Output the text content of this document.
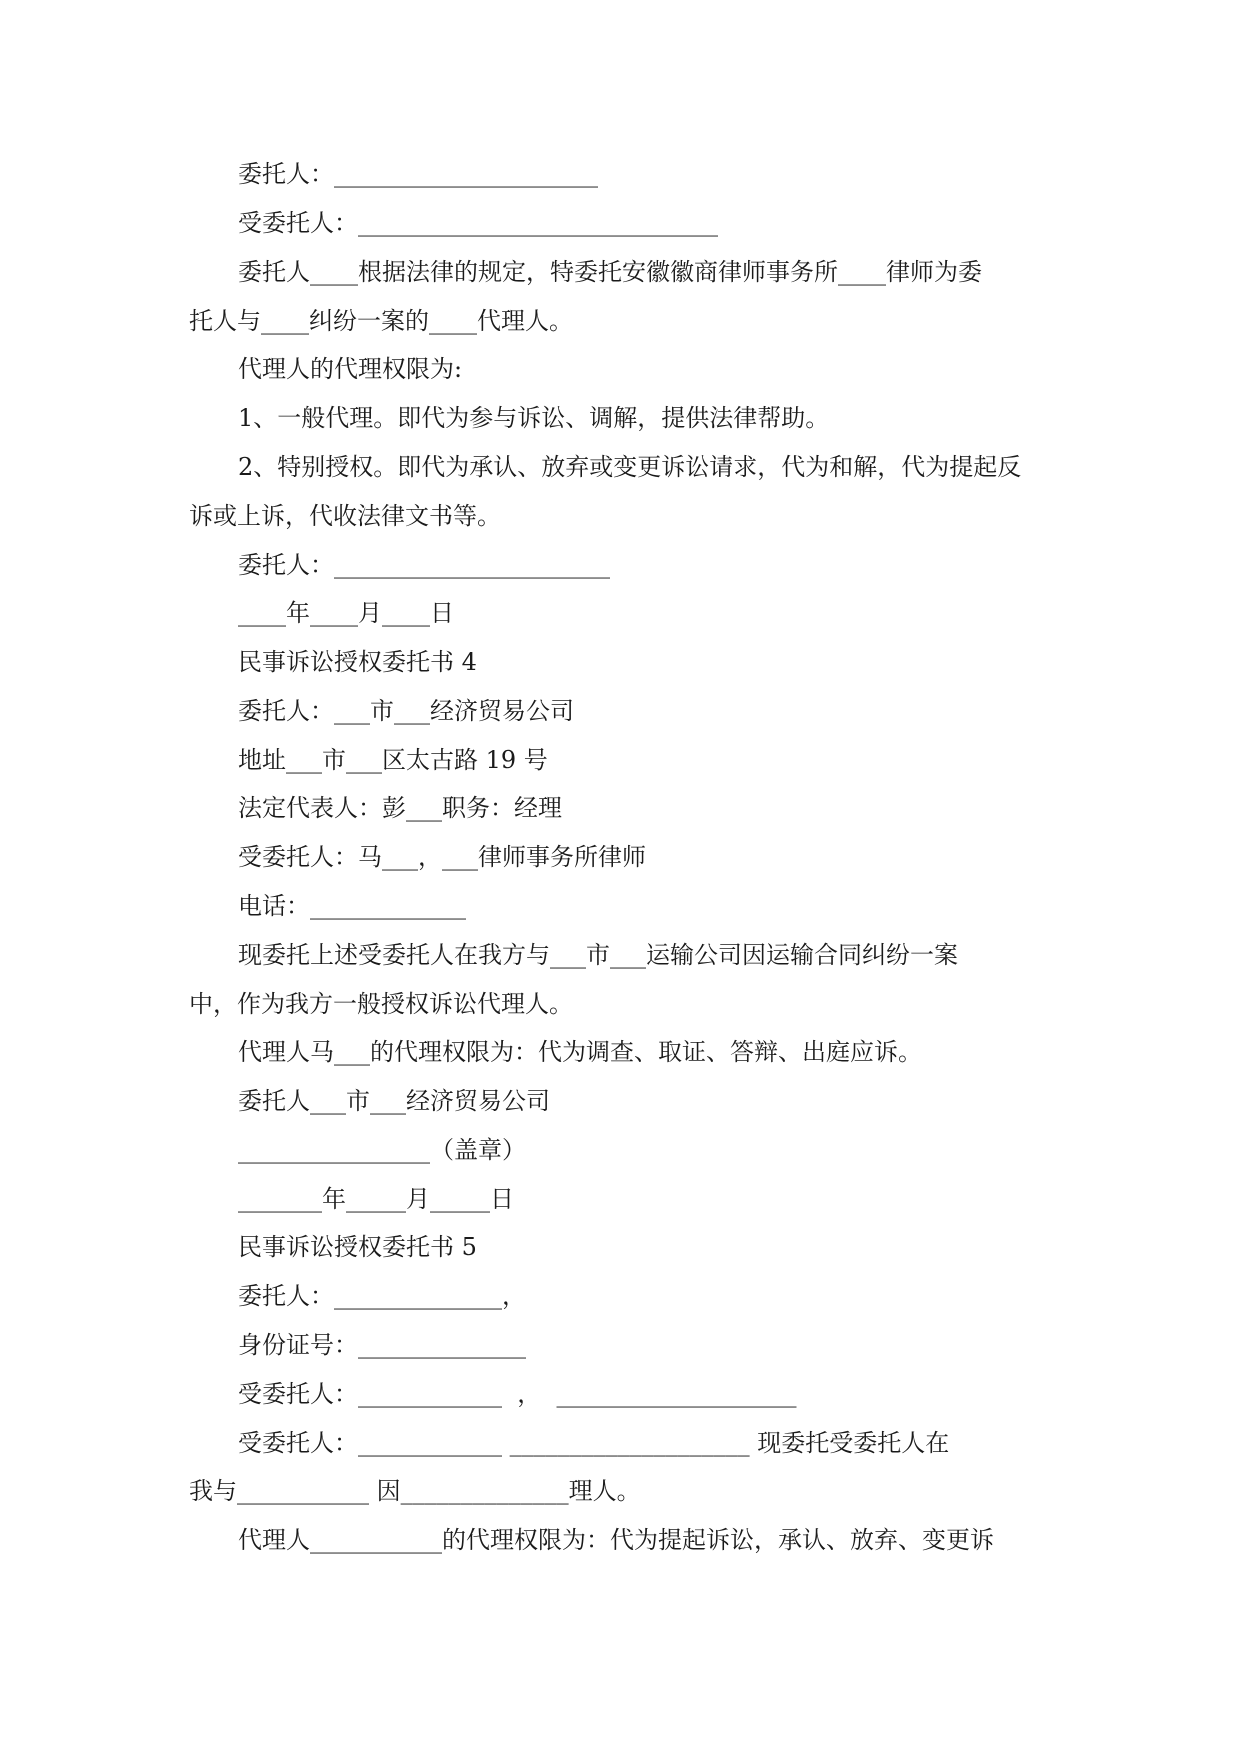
委托人：______________________
受委托人：______________________________
委托人____根据法律的规定，特委托安徽徽商律师事务所____律师为委
托人与____纠纷一案的____代理人。
代理人的代理权限为:
1、一般代理。即代为参与诉讼、调解，提供法律帮助。
2、特别授权。即代为承认、放弃或变更诉讼请求，代为和解，代为提起反
诉或上诉，代收法律文书等。
委托人：_______________________
____年____月____日
民事诉讼授权委托书 4
委托人：___市___经济贸易公司
地址___市___区太古路 19 号
法定代表人：彭___职务：经理
受委托人：马___，___律师事务所律师
电话：_____________
现委托上述受委托人在我方与___市___运输公司因运输合同纠纷一案
中，作为我方一般授权诉讼代理人。
代理人马___的代理权限为：代为调查、取证、答辩、出庭应诉。
委托人___市___经济贸易公司
________________（盖章）
_______年_____月_____日
民事诉讼授权委托书 5
委托人：______________，
身份证号：______________
受委托人：____________  ，  ____________________
受委托人：____________ ____________________ 现委托受委托人在
我与___________ 因______________理人。
代理人___________的代理权限为：代为提起诉讼，承认、放弃、变更诉
